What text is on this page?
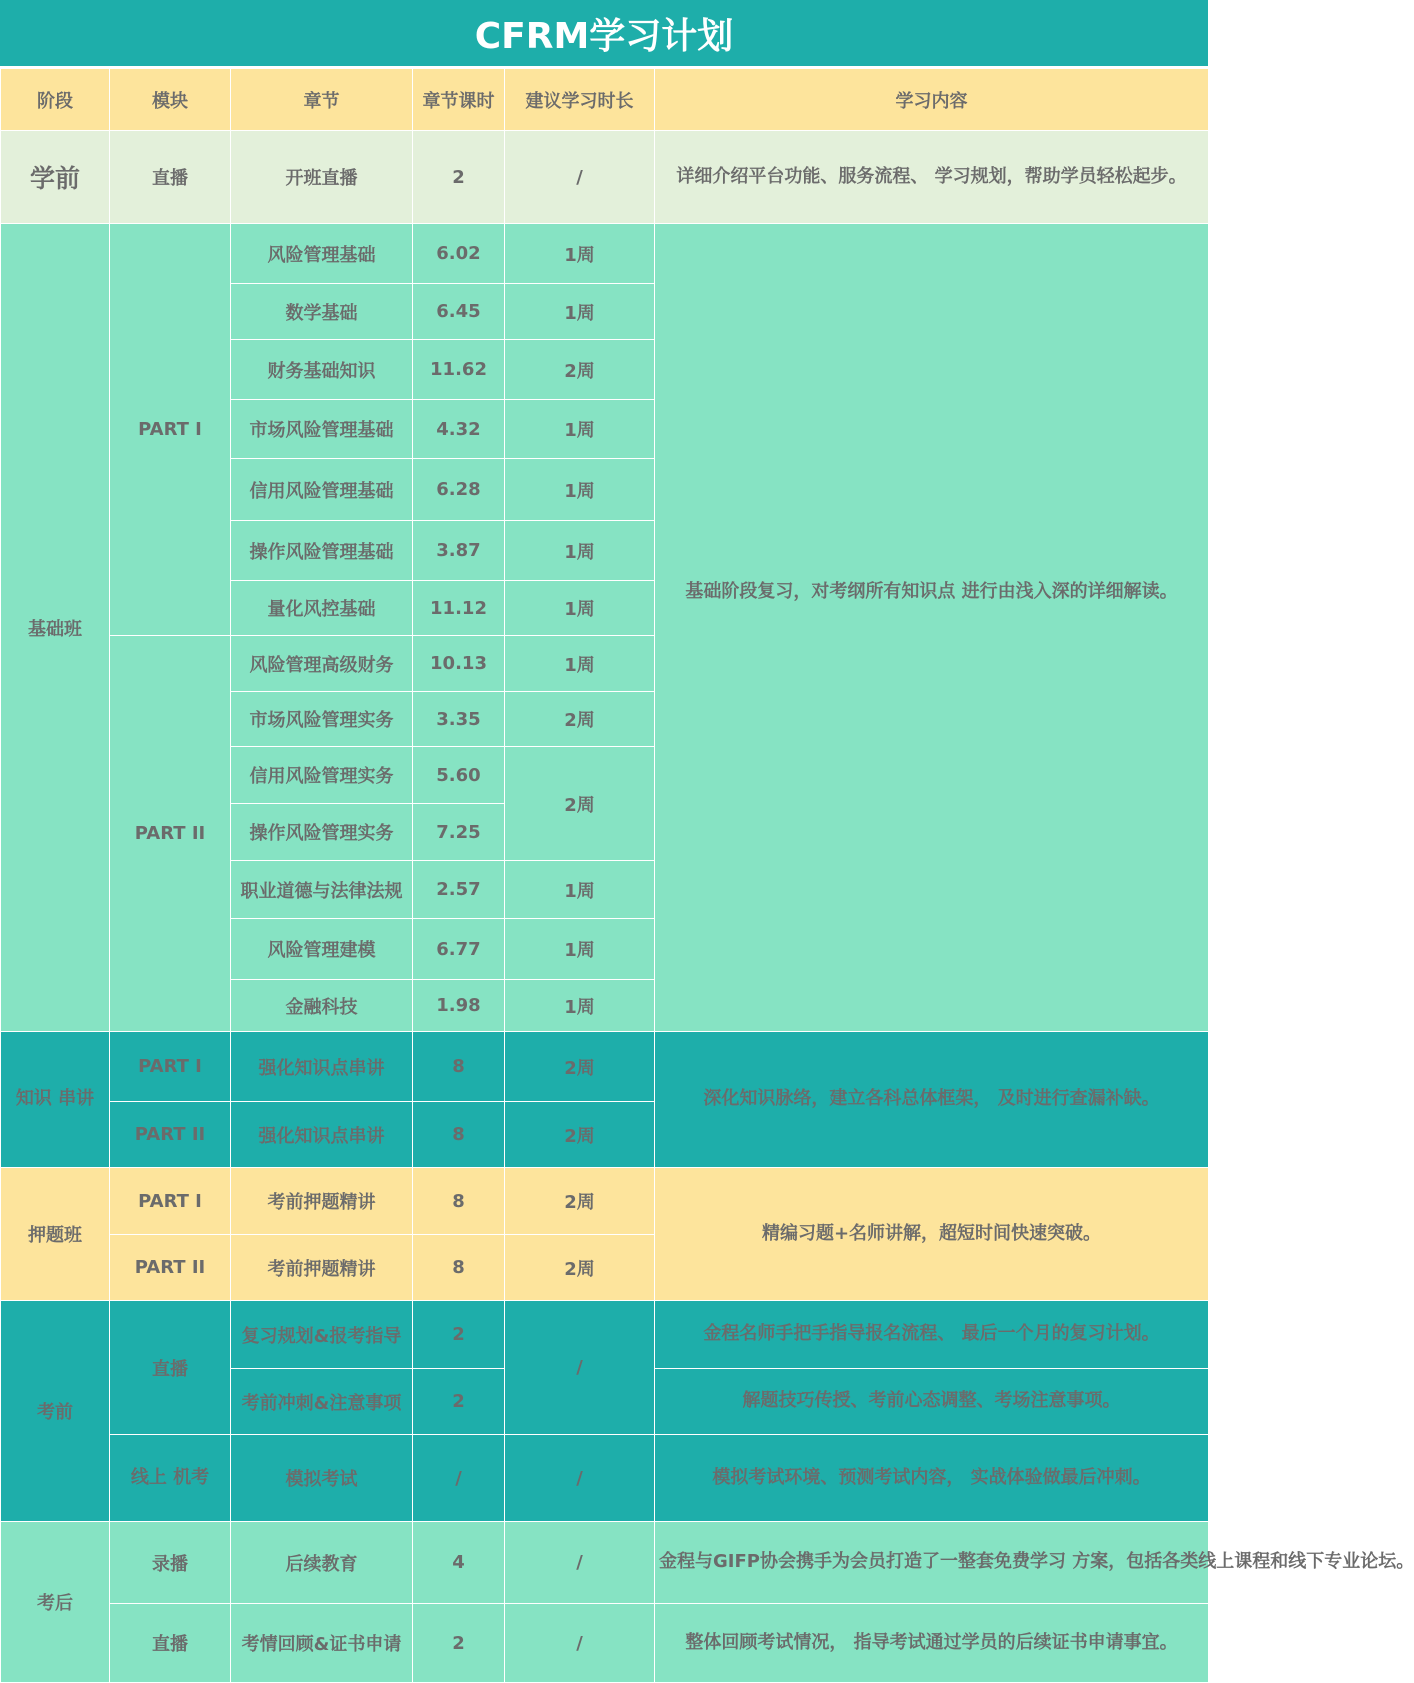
CFRM学习计划
阶段	模块	章节	章节课时	建议学习时长	学习内容
学前	直播	开班直播	2	/	详细介绍平台功能、服务流程、 学习规划，帮助学员轻松起步。
基础班	PART I	风险管理基础	6.02	1周	基础阶段复习，对考纲所有知识点 进行由浅入深的详细解读。
		数学基础	6.45	1周	
		财务基础知识	11.62	2周	
		市场风险管理基础	4.32	1周	
		信用风险管理基础	6.28	1周	
		操作风险管理基础	3.87	1周	
		量化风控基础	11.12	1周	
	PART II	风险管理高级财务	10.13	1周	
		市场风险管理实务	3.35	2周	
		信用风险管理实务	5.60	2周	
		操作风险管理实务	7.25		
		职业道德与法律法规	2.57	1周	
		风险管理建模	6.77	1周	
		金融科技	1.98	1周	
知识 串讲	PART I	强化知识点串讲	8	2周	深化知识脉络，建立各科总体框架， 及时进行查漏补缺。
	PART II	强化知识点串讲	8	2周	
押题班	PART I	考前押题精讲	8	2周	精编习题+名师讲解，超短时间快速突破。
	PART II	考前押题精讲	8	2周	
考前	直播	复习规划&报考指导	2	/	金程名师手把手指导报名流程、 最后一个月的复习计划。
		考前冲刺&注意事项	2		解题技巧传授、考前心态调整、考场注意事项。
	线上 机考	模拟考试	/	/	模拟考试环境、预测考试内容， 实战体验做最后冲刺。
考后	录播	后续教育	4	/	金程与GIFP协会携手为会员打造了一整套免费学习 方案，包括各类线上课程和线下专业论坛。
	直播	考情回顾&证书申请	2	/	整体回顾考试情况， 指导考试通过学员的后续证书申请事宜。
